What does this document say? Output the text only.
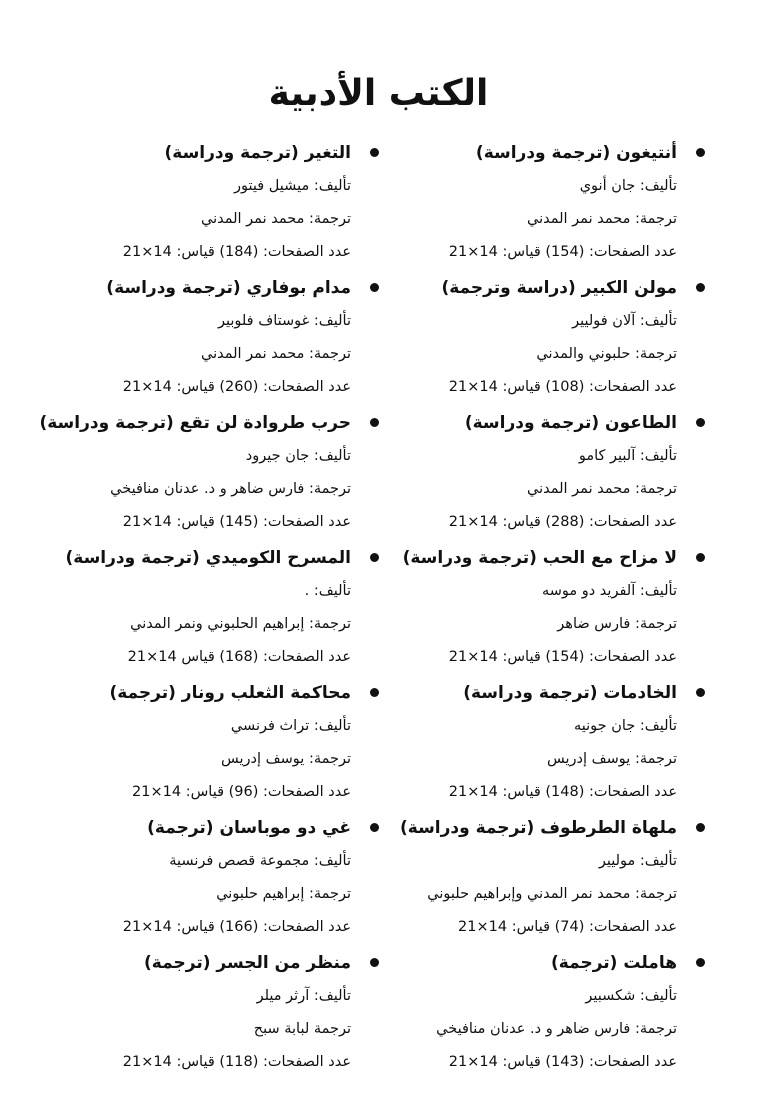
الكتب الأدبية
أنتيغون (ترجمة ودراسة)
تأليف: جان أنوي
ترجمة: محمد نمر المدني
عدد الصفحات: (154) قياس: 14×21
مولن الكبير (دراسة وترجمة)
تأليف: آلان فوليير
ترجمة: حلبوني والمدني
عدد الصفحات: (108) قياس: 14×21
الطاعون (ترجمة ودراسة)
تأليف: آلبير كامو
ترجمة: محمد نمر المدني
عدد الصفحات: (288) قياس: 14×21
لا مزاح مع الحب (ترجمة ودراسة)
تأليف: آلفريد دو موسه
ترجمة: فارس ضاهر
عدد الصفحات: (154) قياس: 14×21
الخادمات (ترجمة ودراسة)
تأليف: جان جونيه
ترجمة: يوسف إدريس
عدد الصفحات: (148) قياس: 14×21
ملهاة الطرطوف (ترجمة ودراسة)
تأليف: موليير
ترجمة: محمد نمر المدني وإبراهيم حلبوني
عدد الصفحات: (74) قياس: 14×21
هاملت (ترجمة)
تأليف: شكسبير
ترجمة: فارس ضاهر و د. عدنان منافيخي
عدد الصفحات: (143) قياس: 14×21
التغير (ترجمة ودراسة)
تأليف: ميشيل فيتور
ترجمة: محمد نمر المدني
عدد الصفحات: (184) قياس: 14×21
مدام بوفاري (ترجمة ودراسة)
تأليف: غوستاف فلوبير
ترجمة: محمد نمر المدني
عدد الصفحات: (260) قياس: 14×21
حرب طروادة لن تقع (ترجمة ودراسة)
تأليف: جان جيرود
ترجمة: فارس ضاهر و د. عدنان منافيخي
عدد الصفحات: (145) قياس: 14×21
المسرح الكوميدي (ترجمة ودراسة)
تأليف: .
ترجمة: إبراهيم الحلبوني ونمر المدني
عدد الصفحات: (168) قياس 14×21
محاكمة الثعلب رونار (ترجمة)
تأليف: تراث فرنسي
ترجمة: يوسف إدريس
عدد الصفحات: (96) قياس: 14×21
غي دو موباسان (ترجمة)
تأليف: مجموعة قصص فرنسية
ترجمة: إبراهيم حلبوني
عدد الصفحات: (166) قياس: 14×21
منظر من الجسر (ترجمة)
تأليف: آرثر ميلر
ترجمة لبابة سبح
عدد الصفحات: (118) قياس: 14×21
